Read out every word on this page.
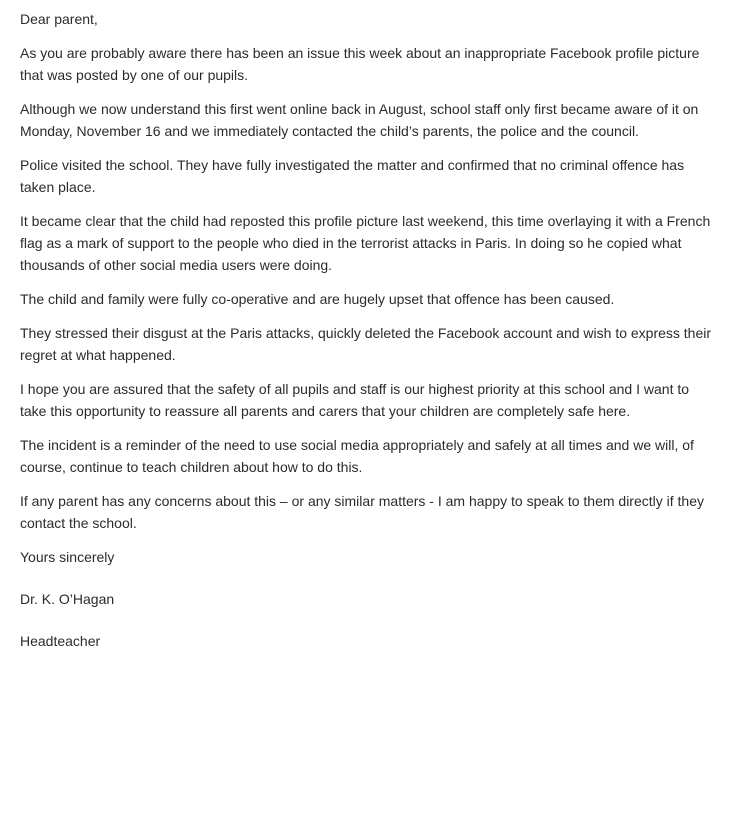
Dear parent,

As you are probably aware there has been an issue this week about an inappropriate Facebook profile picture that was posted by one of our pupils.

Although we now understand this first went online back in August, school staff only first became aware of it on Monday, November 16 and we immediately contacted the child’s parents, the police and the council.

Police visited the school. They have fully investigated the matter and confirmed that no criminal offence has taken place.

It became clear that the child had reposted this profile picture last weekend, this time overlaying it with a French flag as a mark of support to the people who died in the terrorist attacks in Paris. In doing so he copied what thousands of other social media users were doing.

The child and family were fully co-operative and are hugely upset that offence has been caused.

They stressed their disgust at the Paris attacks, quickly deleted the Facebook account and wish to express their regret at what happened.

I hope you are assured that the safety of all pupils and staff is our highest priority at this school and I want to take this opportunity to reassure all parents and carers that your children are completely safe here.

The incident is a reminder of the need to use social media appropriately and safely at all times and we will, of course, continue to teach children about how to do this.

If any parent has any concerns about this – or any similar matters - I am happy to speak to them directly if they contact the school.

Yours sincerely

Dr. K. O’Hagan

Headteacher
